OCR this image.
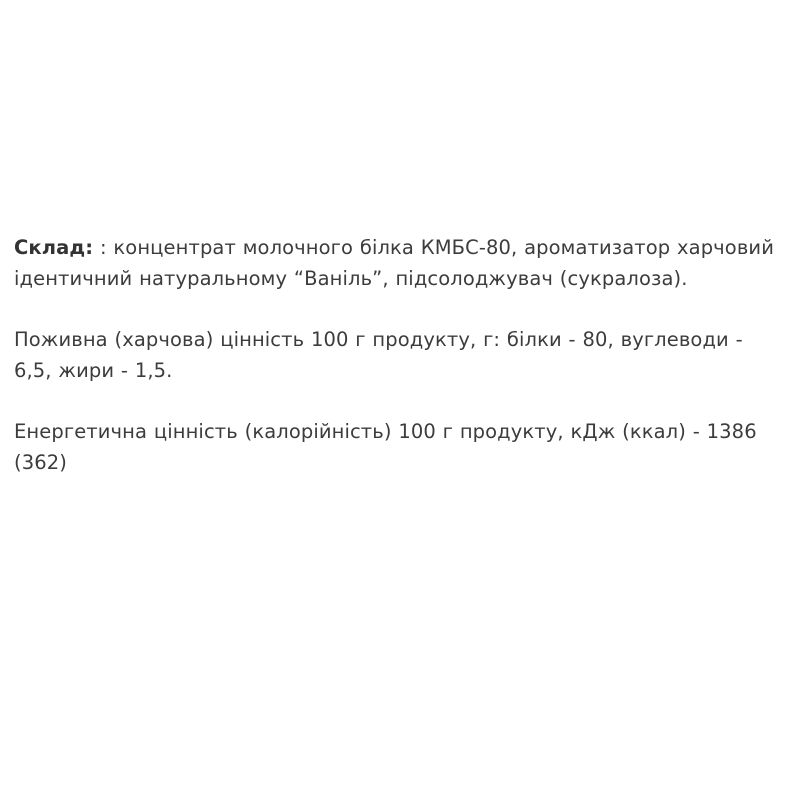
Склад: : концентрат молочного білка КМБС-80, ароматизатор харчовий ідентичний натуральному “Ваніль”, підсолоджувач (сукралоза).

Поживна (харчова) цінність 100 г продукту, г: білки - 80, вуглеводи - 6,5, жири - 1,5.

Енергетична цінність (калорійність) 100 г продукту, кДж (ккал) - 1386 (362)
